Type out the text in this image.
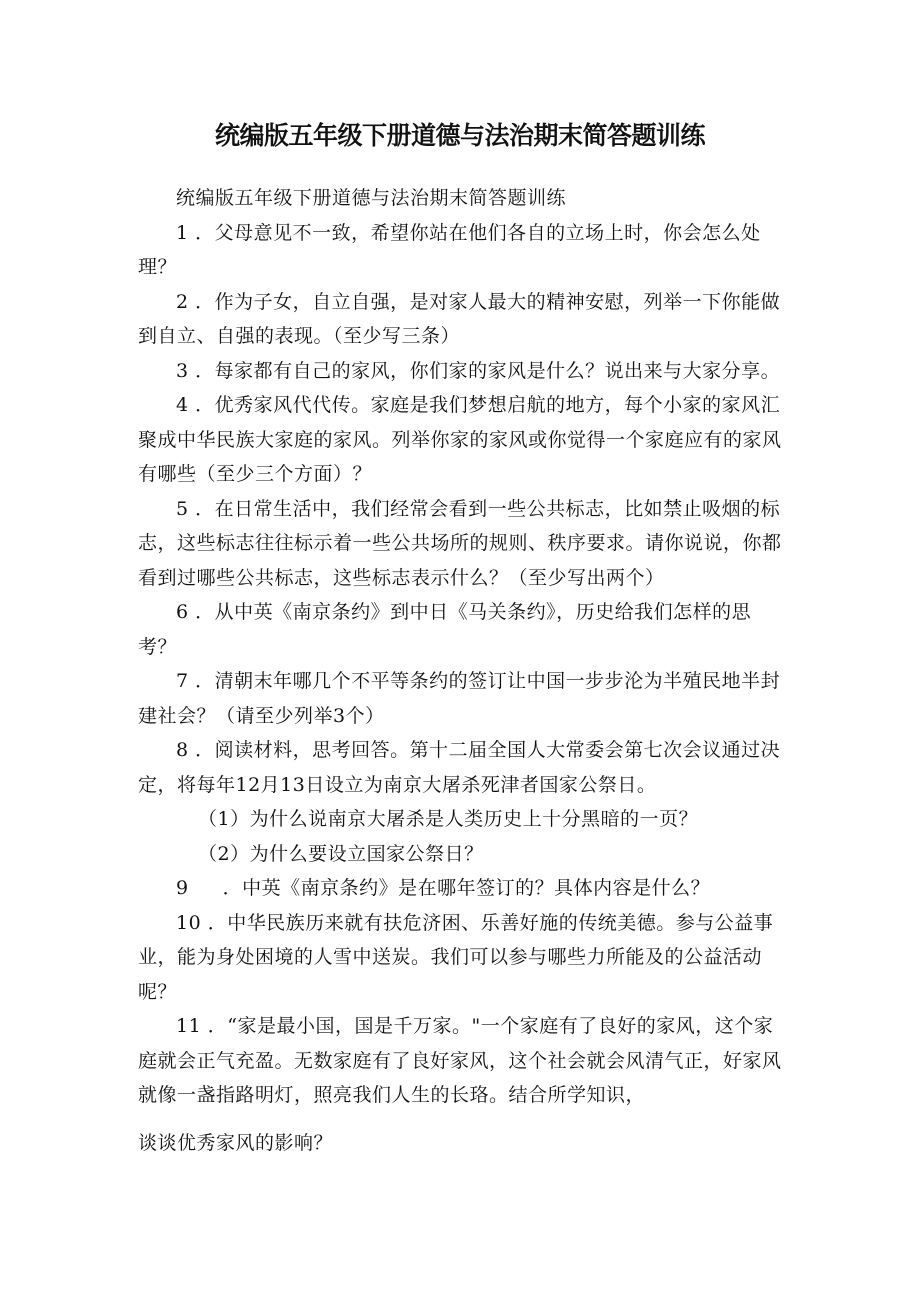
统编版五年级下册道德与法治期末简答题训练

统编版五年级下册道德与法治期末简答题训练

1 ．父母意见不一致，希望你站在他们各自的立场上时，你会怎么处理？

2 ．作为子女，自立自强，是对家人最大的精神安慰，列举一下你能做到自立、自强的表现。（至少写三条）

3 ．每家都有自己的家风，你们家的家风是什么？说出来与大家分享。

4 ．优秀家风代代传。家庭是我们梦想启航的地方，每个小家的家风汇聚成中华民族大家庭的家风。列举你家的家风或你觉得一个家庭应有的家风有哪些（至少三个方面）？

5 ．在日常生活中，我们经常会看到一些公共标志，比如禁止吸烟的标志，这些标志往往标示着一些公共场所的规则、秩序要求。请你说说，你都看到过哪些公共标志，这些标志表示什么？（至少写出两个）

6 ．从中英《南京条约》到中日《马关条约》，历史给我们怎样的思考？

7 ．清朝末年哪几个不平等条约的签订让中国一步步沦为半殖民地半封建社会？（请至少列举3个）

8 ．阅读材料，思考回答。第十二届全国人大常委会第七次会议通过决定，将每年12月13日设立为南京大屠杀死津者国家公祭日。

（1）为什么说南京大屠杀是人类历史上十分黑暗的一页？

（2）为什么要设立国家公祭日？

9 ．中英《南京条约》是在哪年签订的？具体内容是什么？

10 ．中华民族历来就有扶危济困、乐善好施的传统美德。参与公益事业，能为身处困境的人雪中送炭。我们可以参与哪些力所能及的公益活动呢？

11 ．“家是最小国，国是千万家。"一个家庭有了良好的家风，这个家庭就会正气充盈。无数家庭有了良好家风，这个社会就会风清气正，好家风就像一盏指路明灯，照亮我们人生的长珞。结合所学知识，

谈谈优秀家风的影响？
